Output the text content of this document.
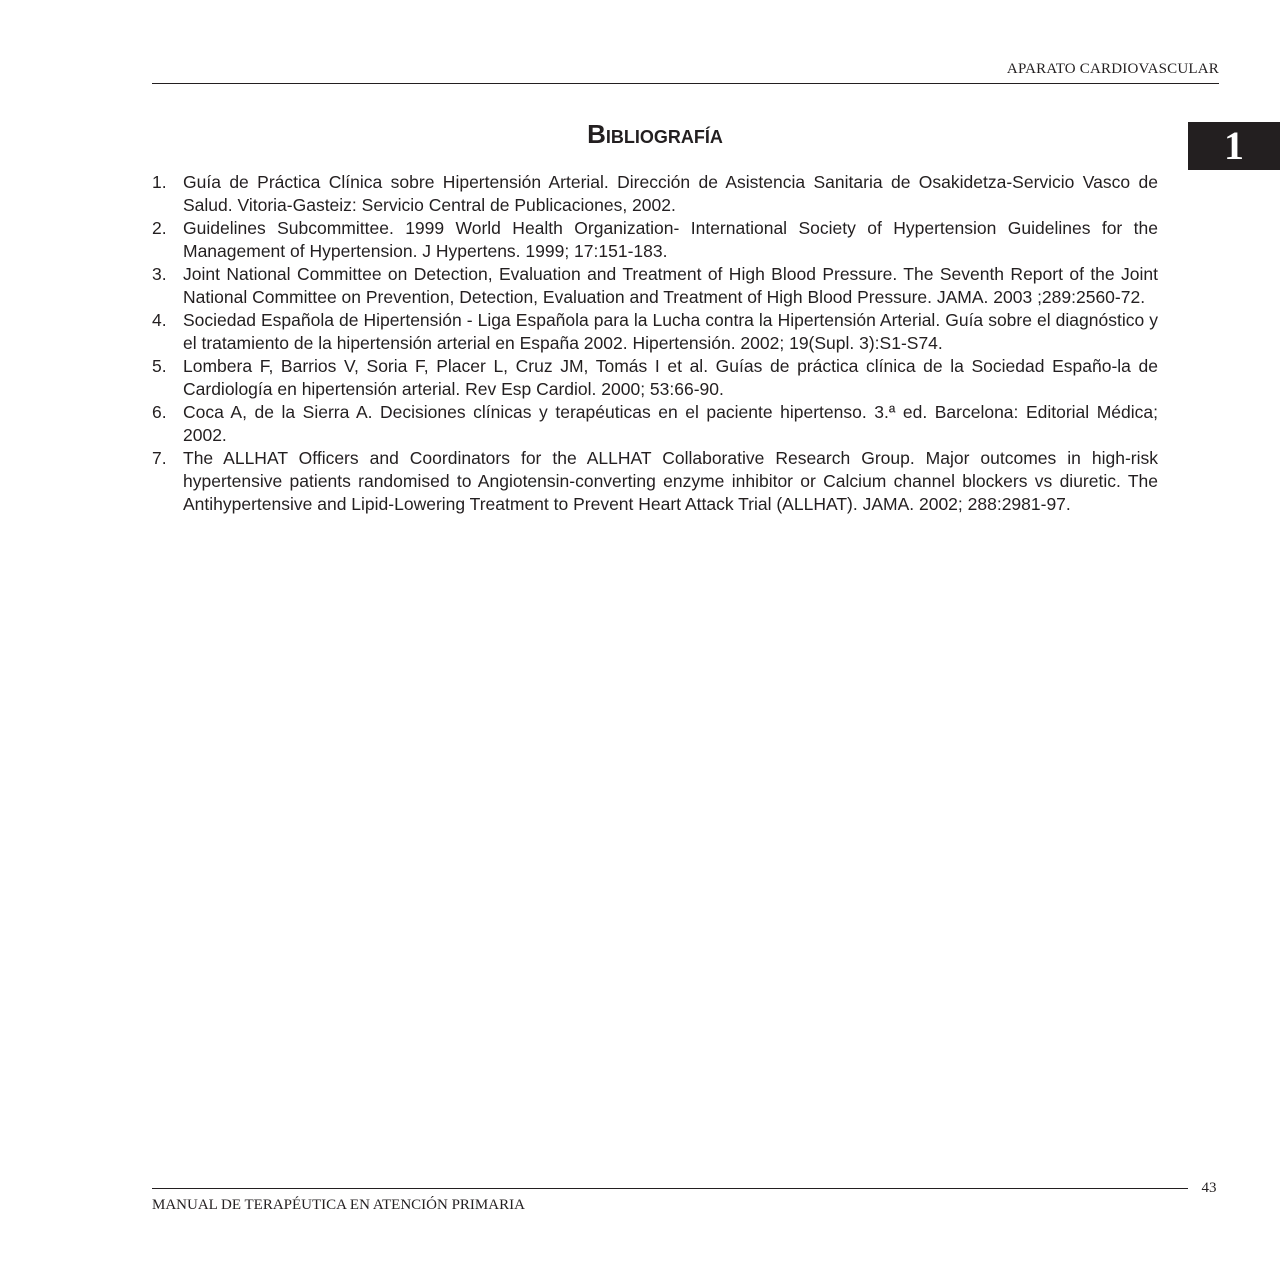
APARATO CARDIOVASCULAR
1
Bibliografía
1. Guía de Práctica Clínica sobre Hipertensión Arterial. Dirección de Asistencia Sanitaria de Osakidetza-Servicio Vasco de Salud. Vitoria-Gasteiz: Servicio Central de Publicaciones, 2002.
2. Guidelines Subcommittee. 1999 World Health Organization- International Society of Hypertension Guidelines for the Management of Hypertension. J Hypertens. 1999; 17:151-183.
3. Joint National Committee on Detection, Evaluation and Treatment of High Blood Pressure. The Seventh Report of the Joint National Committee on Prevention, Detection, Evaluation and Treatment of High Blood Pressure. JAMA. 2003 ;289:2560-72.
4. Sociedad Española de Hipertensión - Liga Española para la Lucha contra la Hipertensión Arterial. Guía sobre el diagnóstico y el tratamiento de la hipertensión arterial en España 2002. Hipertensión. 2002; 19(Supl. 3):S1-S74.
5. Lombera F, Barrios V, Soria F, Placer L, Cruz JM, Tomás I et al. Guías de práctica clínica de la Sociedad Españo-la de Cardiología en hipertensión arterial. Rev Esp Cardiol. 2000; 53:66-90.
6. Coca A, de la Sierra A. Decisiones clínicas y terapéuticas en el paciente hipertenso. 3.ª ed. Barcelona: Editorial Médica; 2002.
7. The ALLHAT Officers and Coordinators for the ALLHAT Collaborative Research Group. Major outcomes in high-risk hypertensive patients randomised to Angiotensin-converting enzyme inhibitor or Calcium channel blockers vs diuretic. The Antihypertensive and Lipid-Lowering Treatment to Prevent Heart Attack Trial (ALLHAT). JAMA. 2002; 288:2981-97.
43
MANUAL DE TERAPÉUTICA EN ATENCIÓN PRIMARIA
